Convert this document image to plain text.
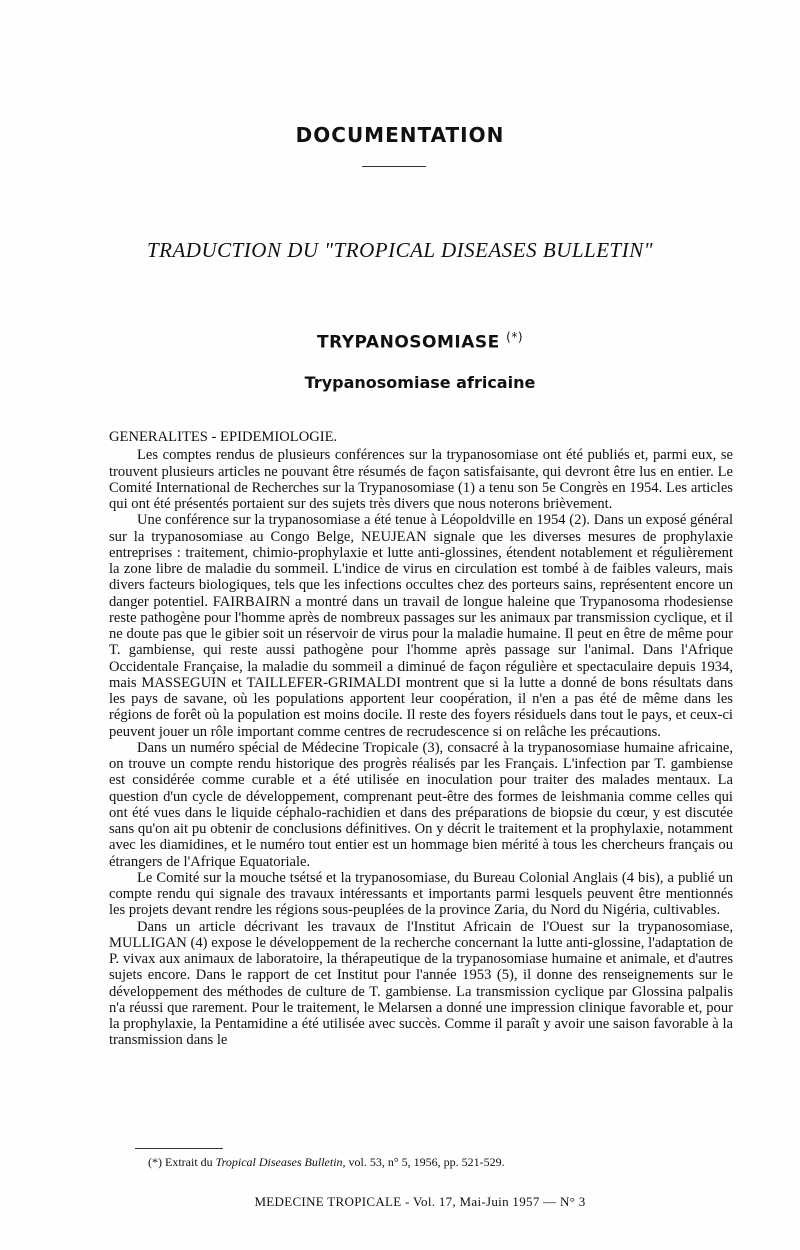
DOCUMENTATION
TRADUCTION DU "TROPICAL DISEASES BULLETIN"
TRYPANOSOMIASE (*)
Trypanosomiase africaine
GENERALITES - EPIDEMIOLOGIE.

Les comptes rendus de plusieurs conférences sur la trypanosomiase ont été publiés et, parmi eux, se trouvent plusieurs articles ne pouvant être résumés de façon satisfaisante, qui devront être lus en entier. Le Comité International de Recherches sur la Trypanosomiase (1) a tenu son 5e Congrès en 1954. Les articles qui ont été présentés portaient sur des sujets très divers que nous noterons brièvement.

Une conférence sur la trypanosomiase a été tenue à Léopoldville en 1954 (2). Dans un exposé général sur la trypanosomiase au Congo Belge, NEUJEAN signale que les diverses mesures de prophylaxie entreprises : traitement, chimio-prophylaxie et lutte anti-glossines, étendent notablement et régulièrement la zone libre de maladie du sommeil. L'indice de virus en circulation est tombé à de faibles valeurs, mais divers facteurs biologiques, tels que les infections occultes chez des porteurs sains, représentent encore un danger potentiel. FAIRBAIRN a montré dans un travail de longue haleine que Trypanosoma rhodesiense reste pathogène pour l'homme après de nombreux passages sur les animaux par transmission cyclique, et il ne doute pas que le gibier soit un réservoir de virus pour la maladie humaine. Il peut en être de même pour T. gambiense, qui reste aussi pathogène pour l'homme après passage sur l'animal. Dans l'Afrique Occidentale Française, la maladie du sommeil a diminué de façon régulière et spectaculaire depuis 1934, mais MASSEGUIN et TAILLEFER-GRIMALDI montrent que si la lutte a donné de bons résultats dans les pays de savane, où les populations apportent leur coopération, il n'en a pas été de même dans les régions de forêt où la population est moins docile. Il reste des foyers résiduels dans tout le pays, et ceux-ci peuvent jouer un rôle important comme centres de recrudescence si on relâche les précautions.

Dans un numéro spécial de Médecine Tropicale (3), consacré à la trypanosomiase humaine africaine, on trouve un compte rendu historique des progrès réalisés par les Français. L'infection par T. gambiense est considérée comme curable et a été utilisée en inoculation pour traiter des malades mentaux. La question d'un cycle de développement, comprenant peut-être des formes de leishmania comme celles qui ont été vues dans le liquide céphalo-rachidien et dans des préparations de biopsie du cœur, y est discutée sans qu'on ait pu obtenir de conclusions définitives. On y décrit le traitement et la prophylaxie, notamment avec les diamidines, et le numéro tout entier est un hommage bien mérité à tous les chercheurs français ou étrangers de l'Afrique Equatoriale.

Le Comité sur la mouche tsétsé et la trypanosomiase, du Bureau Colonial Anglais (4 bis), a publié un compte rendu qui signale des travaux intéressants et importants parmi lesquels peuvent être mentionnés les projets devant rendre les régions sous-peuplées de la province Zaria, du Nord du Nigéria, cultivables.

Dans un article décrivant les travaux de l'Institut Africain de l'Ouest sur la trypanosomiase, MULLIGAN (4) expose le développement de la recherche concernant la lutte anti-glossine, l'adaptation de P. vivax aux animaux de laboratoire, la thérapeutique de la trypanosomiase humaine et animale, et d'autres sujets encore. Dans le rapport de cet Institut pour l'année 1953 (5), il donne des renseignements sur le développement des méthodes de culture de T. gambiense. La transmission cyclique par Glossina palpalis n'a réussi que rarement. Pour le traitement, le Melarsen a donné une impression clinique favorable et, pour la prophylaxie, la Pentamidine a été utilisée avec succès. Comme il paraît y avoir une saison favorable à la transmission dans le

(*) Extrait du Tropical Diseases Bulletin, vol. 53, n° 5, 1956, pp. 521-529.
MEDECINE TROPICALE - Vol. 17, Mai-Juin 1957 — N° 3
